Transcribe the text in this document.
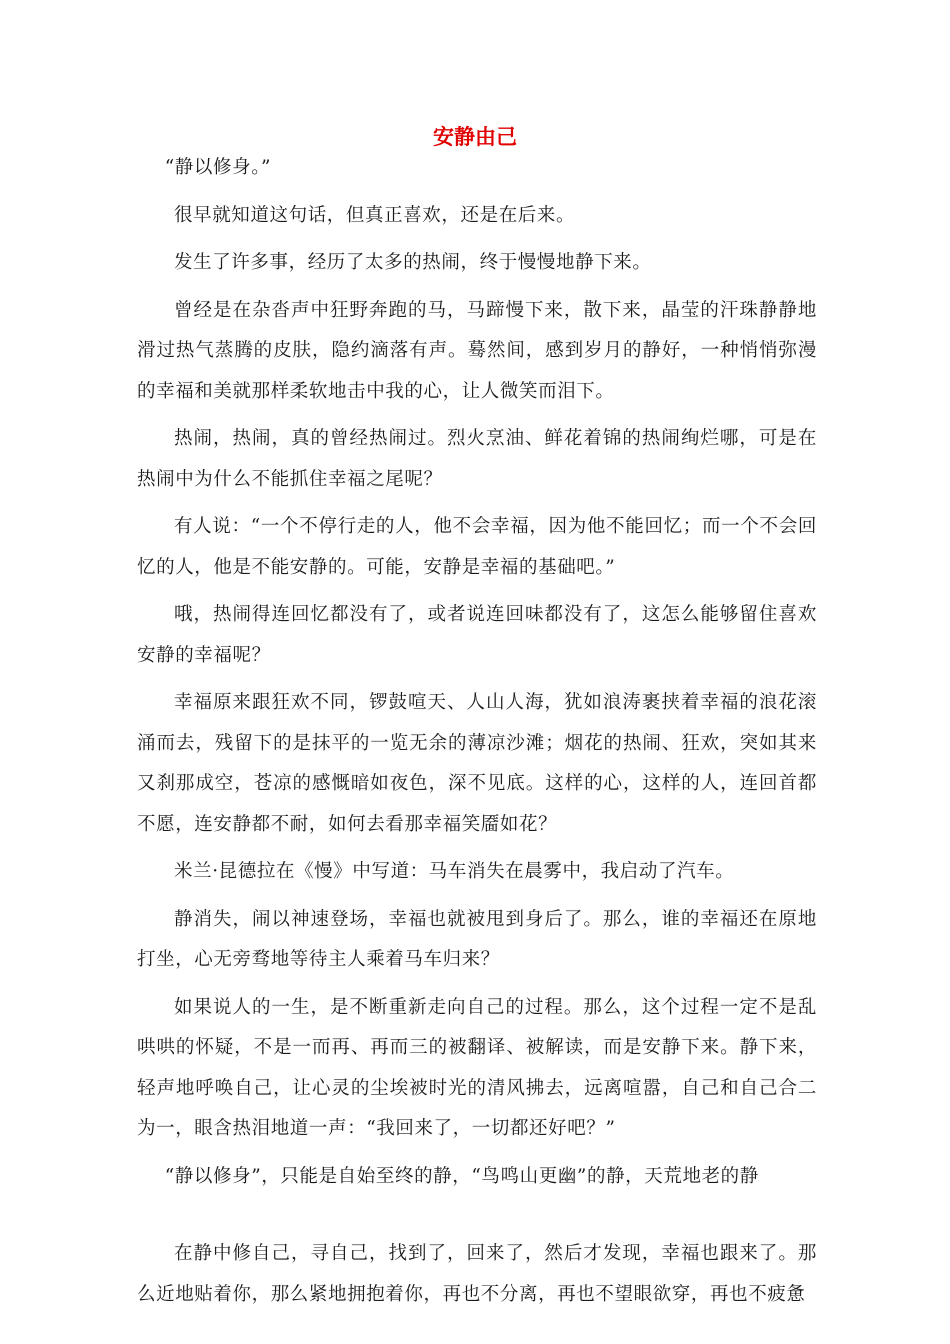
安静由己

“静以修身。”

很早就知道这句话，但真正喜欢，还是在后来。

发生了许多事，经历了太多的热闹，终于慢慢地静下来。

曾经是在杂沓声中狂野奔跑的马，马蹄慢下来，散下来，晶莹的汗珠静静地滑过热气蒸腾的皮肤，隐约滴落有声。蓦然间，感到岁月的静好，一种悄悄弥漫的幸福和美就那样柔软地击中我的心，让人微笑而泪下。

热闹，热闹，真的曾经热闹过。烈火烹油、鲜花着锦的热闹绚烂哪，可是在热闹中为什么不能抓住幸福之尾呢？

有人说：“一个不停行走的人，他不会幸福，因为他不能回忆；而一个不会回忆的人，他是不能安静的。可能，安静是幸福的基础吧。”

哦，热闹得连回忆都没有了，或者说连回味都没有了，这怎么能够留住喜欢安静的幸福呢？

幸福原来跟狂欢不同，锣鼓喧天、人山人海，犹如浪涛裹挟着幸福的浪花滚涌而去，残留下的是抹平的一览无余的薄凉沙滩；烟花的热闹、狂欢，突如其来又刹那成空，苍凉的感慨暗如夜色，深不见底。这样的心，这样的人，连回首都不愿，连安静都不耐，如何去看那幸福笑靥如花？

米兰·昆德拉在《慢》中写道：马车消失在晨雾中，我启动了汽车。

静消失，闹以神速登场，幸福也就被甩到身后了。那么，谁的幸福还在原地打坐，心无旁骛地等待主人乘着马车归来？

如果说人的一生，是不断重新走向自己的过程。那么，这个过程一定不是乱哄哄的怀疑，不是一而再、再而三的被翻译、被解读，而是安静下来。静下来，轻声地呼唤自己，让心灵的尘埃被时光的清风拂去，远离喧嚣，自己和自己合二为一，眼含热泪地道一声：“我回来了，一切都还好吧？”

“静以修身”，只能是自始至终的静，“鸟鸣山更幽”的静，天荒地老的静

在静中修自己，寻自己，找到了，回来了，然后才发现，幸福也跟来了。那么近地贴着你，那么紧地拥抱着你，再也不分离，再也不望眼欲穿，再也不疲惫
